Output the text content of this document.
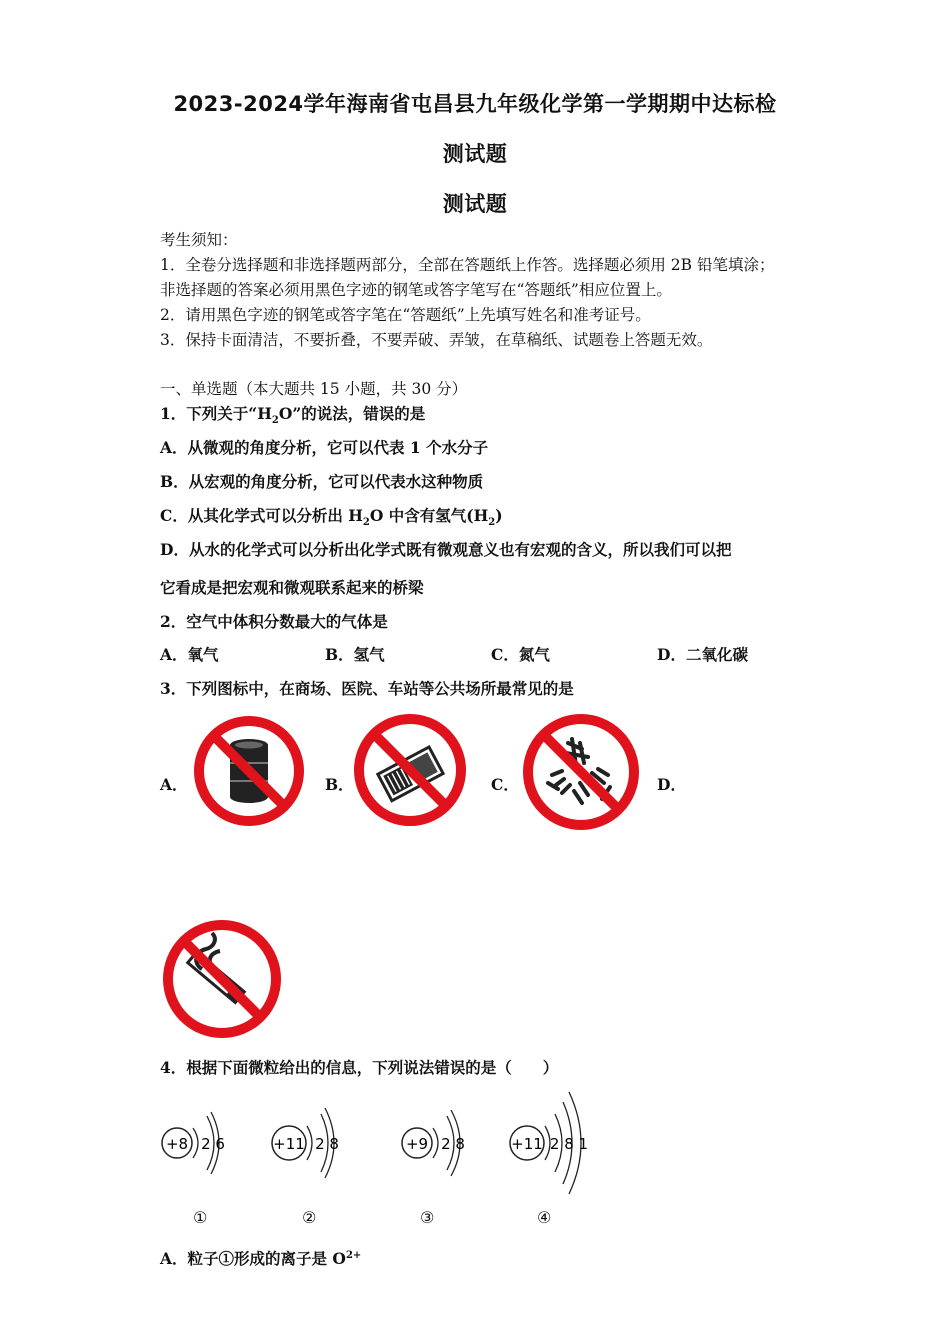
2023-2024学年海南省屯昌县九年级化学第一学期期中达标检
测试题
测试题
考生须知：
1．全卷分选择题和非选择题两部分，全部在答题纸上作答。选择题必须用 2B 铅笔填涂；
非选择题的答案必须用黑色字迹的钢笔或答字笔写在“答题纸”相应位置上。
2．请用黑色字迹的钢笔或答字笔在“答题纸”上先填写姓名和准考证号。
3．保持卡面清洁，不要折叠，不要弄破、弄皱，在草稿纸、试题卷上答题无效。
一、单选题（本大题共 15 小题，共 30 分）
1．下列关于“$H_2O$”的说法，错误的是
A．从微观的角度分析，它可以代表 1 个水分子
B．从宏观的角度分析，它可以代表水这种物质
C．从其化学式可以分析出 $H_2O$ 中含有氢气$(H_2)$
D．从水的化学式可以分析出化学式既有微观意义也有宏观的含义，所以我们可以把
它看成是把宏观和微观联系起来的桥梁
2．空气中体积分数最大的气体是
A．氧气	B．氢气	C．氮气	D．二氧化碳
3．下列图标中，在商场、医院、车站等公共场所最常见的是
A．	B．	C．	D．
4．根据下面微粒给出的信息，下列说法错误的是（　　）
+8 2 6	+11 2 8	+9 2 8	+11 2 8 1
①	②	③	④
A．粒子①形成的离子是 $O^{2+}$
